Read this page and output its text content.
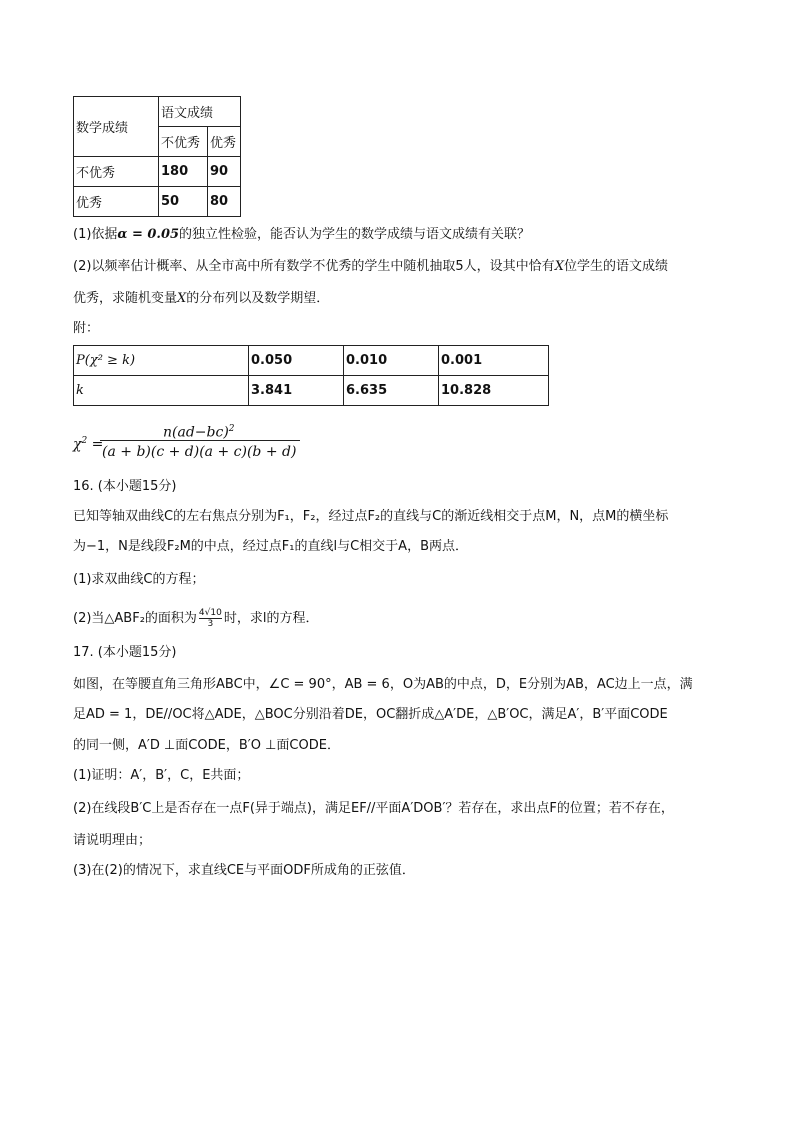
数学成绩	语文成绩	
	不优秀	优秀
不优秀	180	90
优秀	50	80
(1)依据α = 0.05的独立性检验，能否认为学生的数学成绩与语文成绩有关联？
(2)以频率估计概率、从全市高中所有数学不优秀的学生中随机抽取5人，设其中恰有X位学生的语文成绩
优秀，求随机变量X的分布列以及数学期望．
附：
P(χ² ≥ k)	0.050	0.010	0.001
k	3.841	6.635	10.828
$\chi^2$ =
$n(ad-bc)^2$
(a + b)(c + d)(a + c)(b + d)
16. (本小题15分)
已知等轴双曲线C的左右焦点分别为F₁，F₂，经过点F₂的直线与C的渐近线相交于点M，N，点M的横坐标
为−1，N是线段F₂M的中点，经过点F₁的直线l与C相交于A，B两点．
(1)求双曲线C的方程；
(2)当△ABF₂的面积为 $\frac{4√10}{3}$ 时，求l的方程．
17. (本小题15分)
如图，在等腰直角三角形ABC中，∠C = 90°，AB = 6，O为AB的中点，D，E分别为AB，AC边上一点，满
足AD = 1，DE//OC将△ADE，△BOC分别沿着DE，OC翻折成△A′DE，△B′OC，满足A′，B′平面CODE
的同一侧，A′D ⊥面CODE，B′O ⊥面CODE．
(1)证明：A′，B′，C，E共面；
(2)在线段B′C上是否存在一点F(异于端点)，满足EF//平面A′DOB′？若存在，求出点F的位置；若不存在，
请说明理由；
(3)在(2)的情况下，求直线CE与平面ODF所成角的正弦值．
